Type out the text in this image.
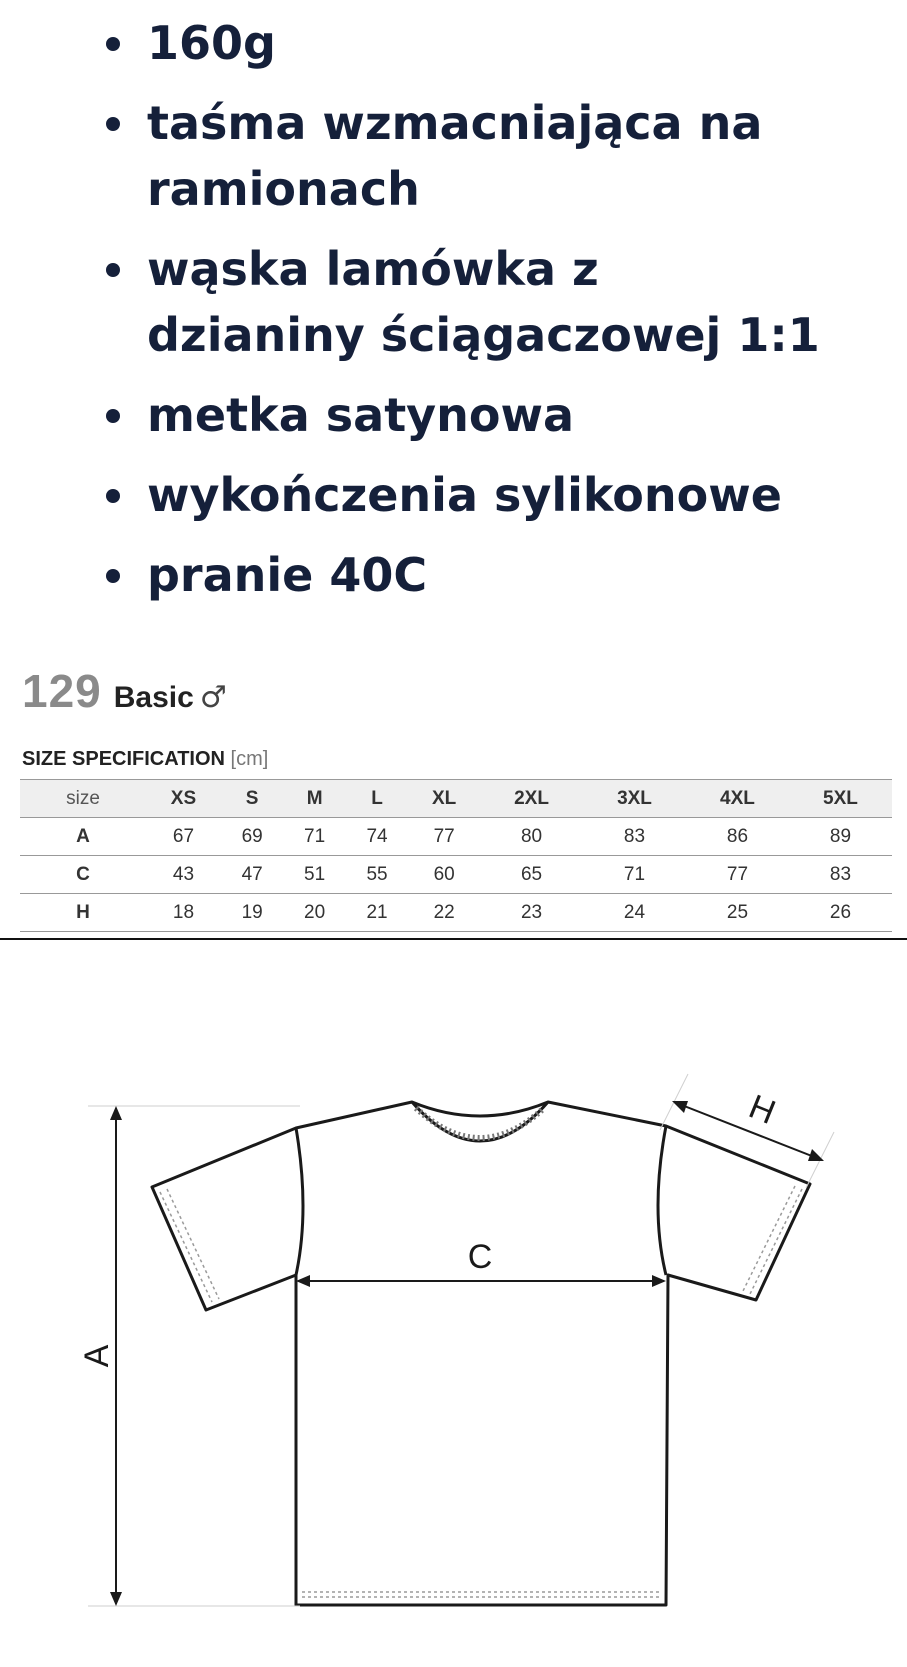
160g
taśma wzmacniająca na ramionach
wąska lamówka z dzianiny ściągaczowej 1:1
metka satynowa
wykończenia sylikonowe
pranie 40C
129 Basic ♂
SIZE SPECIFICATION [cm]
size	XS	S	M	L	XL	2XL	3XL	4XL	5XL
A	67	69	71	74	77	80	83	86	89
C	43	47	51	55	60	65	71	77	83
H	18	19	20	21	22	23	24	25	26
A
C
H
